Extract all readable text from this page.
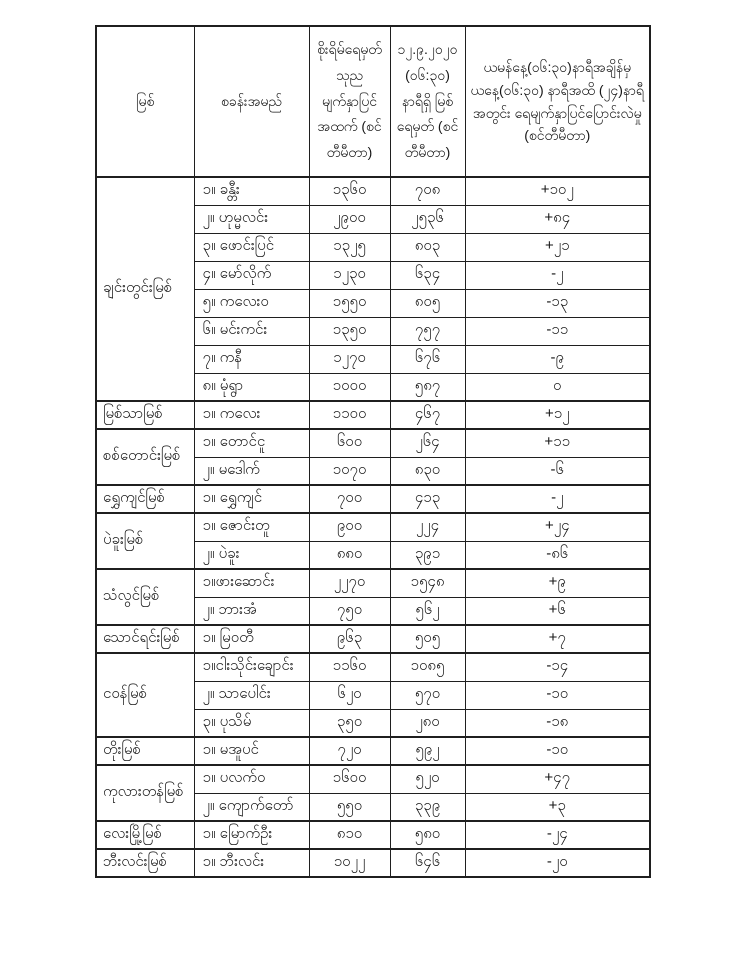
မြစ်	စခန်းအမည်	စိုးရိမ်ရေမှတ် သုည မျက်နှာပြင် အထက် (စင်တီမီတာ)	၁၂.၉.၂၀၂၀ (၀၆:၃၀) နာရီရှိ မြစ်ရေမှတ် (စင်တီမီတာ)	ယမန်နေ့(၀၆:၃၀)နာရီအချိန်မှ ယနေ့(၀၆:၃၀) နာရီအထိ (၂၄)နာရီအတွင်း ရေမျက်နှာပြင်ပြောင်းလဲမှု (စင်တီမီတာ)
ချင်းတွင်းမြစ်	၁။ ခန္တီး	၁၃၆၀	၇၀၈	+၁၀၂
	၂။ ဟုမ္မလင်း	၂၉၀၀	၂၅၃၆	+၈၄
	၃။ ဖောင်းပြင်	၁၃၂၅	၈၀၃	+၂၁
	၄။ မော်လိုက်	၁၂၃၀	၆၃၄	-၂
	၅။ ကလေးဝ	၁၅၅၀	၈၀၅	-၁၃
	၆။ မင်းကင်း	၁၃၅၀	၇၅၇	-၁၁
	၇။ ကနီ	၁၂၇၀	၆၇၆	-၉
	၈။ မုံရွာ	၁၀၀၀	၅၈၇	၀
မြစ်သာမြစ်	၁။ ကလေး	၁၁၀၀	၄၆၇	+၁၂
စစ်တောင်းမြစ်	၁။ တောင်ငူ	၆၀၀	၂၆၄	+၁၁
	၂။ မဒေါက်	၁၀၇၀	၈၃၀	-၆
ရွှေကျင်မြစ်	၁။ ရွှေကျင်	၇၀၀	၄၁၃	-၂
ပဲခူးမြစ်	၁။ ဇောင်းတူ	၉၀၀	၂၂၄	+၂၄
	၂။ ပဲခူး	၈၈၀	၃၉၁	-၈၆
သံလွင်မြစ်	၁။ဖားဆောင်း	၂၂၇၀	၁၅၄၈	+၉
	၂။ ဘားအံ	၇၅၀	၅၆၂	+၆
သောင်ရင်းမြစ်	၁။ မြဝတီ	၉၆၃	၅၀၅	+၇
ငဝန်မြစ်	၁။ငါးသိုင်းချောင်း	၁၁၆၀	၁၀၈၅	-၁၄
	၂။ သာပေါင်း	၆၂၀	၅၇၀	-၁၀
	၃။ ပုသိမ်	၃၅၀	၂၈၀	-၁၈
တိုးမြစ်	၁။ မအူပင်	၇၂၀	၅၉၂	-၁၀
ကုလားတန်မြစ်	၁။ ပလက်ဝ	၁၆၀၀	၅၂၀	+၄၇
	၂။ ကျောက်တော်	၅၅၀	၃၃၉	+၃
လေးမြို့မြစ်	၁။ မြောက်ဦး	၈၁၀	၅၈၀	-၂၄
ဘီးလင်းမြစ်	၁။ ဘီးလင်း	၁၀၂၂	၆၄၆	-၂၀
